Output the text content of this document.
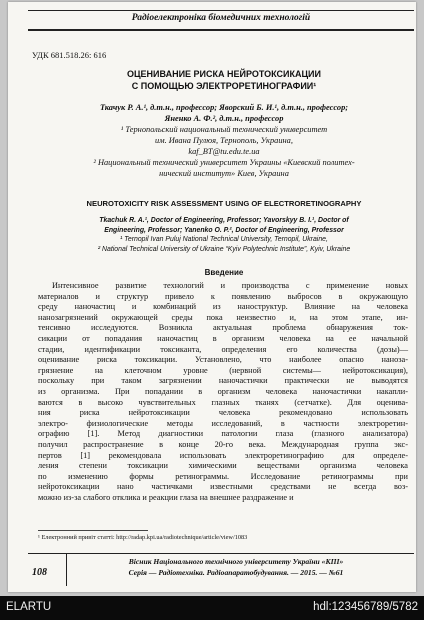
Радіоелектроніка біомедичних технологій
УДК 681.518.26: 616
ОЦЕНИВАНИЕ РИСКА НЕЙРОТОКСИКАЦИИ
С ПОМОЩЬЮ ЭЛЕКТРОРЕТИНОГРАФИИ¹
Ткачук Р. А.¹, д.т.н., профессор; Яворский Б. И.¹, д.т.н., профессор;
Яненко А. Ф.², д.т.н., профессор
¹ Тернопольский национальный технический университет
им. Ивана Пулюя, Тернополь, Украина,
kaf_BT@tu.edu.te.ua
² Национальный технический университет Украины «Киевский политех-
нический институт» Киев, Украина
NEUROTOXICITY RISK ASSESSMENT USING OF ELECTRORETINOGRAPHY
Tkachuk R. A.¹, Doctor of Engineering, Professor; Yavorskyy B. I.¹, Doctor of
Engineering, Professor; Yanenko O. P.², Doctor of Engineering, Professor
¹ Ternopil Ivan Puluj National Technical University, Ternopil, Ukraine,
² National Technical University of Ukraine “Kyiv Polytechnic Institute”, Kyiv, Ukraine
Введение
Интенсивное развитие технологий и производства с применение новых
материалов и структур привело к появлению выбросов в окружающую
среду наночастиц и комбинаций из наноструктур. Влияние на человека
нанозагрязнений окружающей среды пока неизвестно и, на этом этапе, ин-
тенсивно исследуются. Возникла актуальная проблема обнаружения ток-
сикации от попадания наночастиц в организм человека на ее начальной
стадии, идентификации токсиканта, определения его количества (дозы)—
оценивание риска токсикации. Установлено, что наиболее опасно нанoза-
грязнение на клеточном уровне (нервной системы— нейротоксикация),
поскольку при таком загрязнении наночастички практически не выводятся
из организма. При попадании в организм человека наночастички накапли-
ваются в высоко чувствительных глазных тканях (сетчатке). Для оценива-
ния риска нейротоксикации человека рекомендовано использовать
электро- физиологические методы исследований, в частности электроретин-
ографию [1]. Метод диагностики патологии глаза (глазного анализатора)
получил распространение в конце 20-го века. Международная группа экс-
пертов [1] рекомендовала использовать электроретинографию для определе-
ления степени токсикации химическими веществами организма человека
по изменению формы ретинограммы. Исследование ретинограммы при
нейротоксикации нано частичками известными средствами не всегда воз-
можно из-за слабого отклика и реакции глаза на внешнее раздражение и
¹ Електронний привіт статті: http://radap.kpi.ua/radiotechnique/article/view/1083
108
Вісник Національного технічного університету України «КПІ»
Серія — Радіотехніка. Радіоапаратобудування. — 2015. — №61
ELARTU	hdl:123456789/5782
